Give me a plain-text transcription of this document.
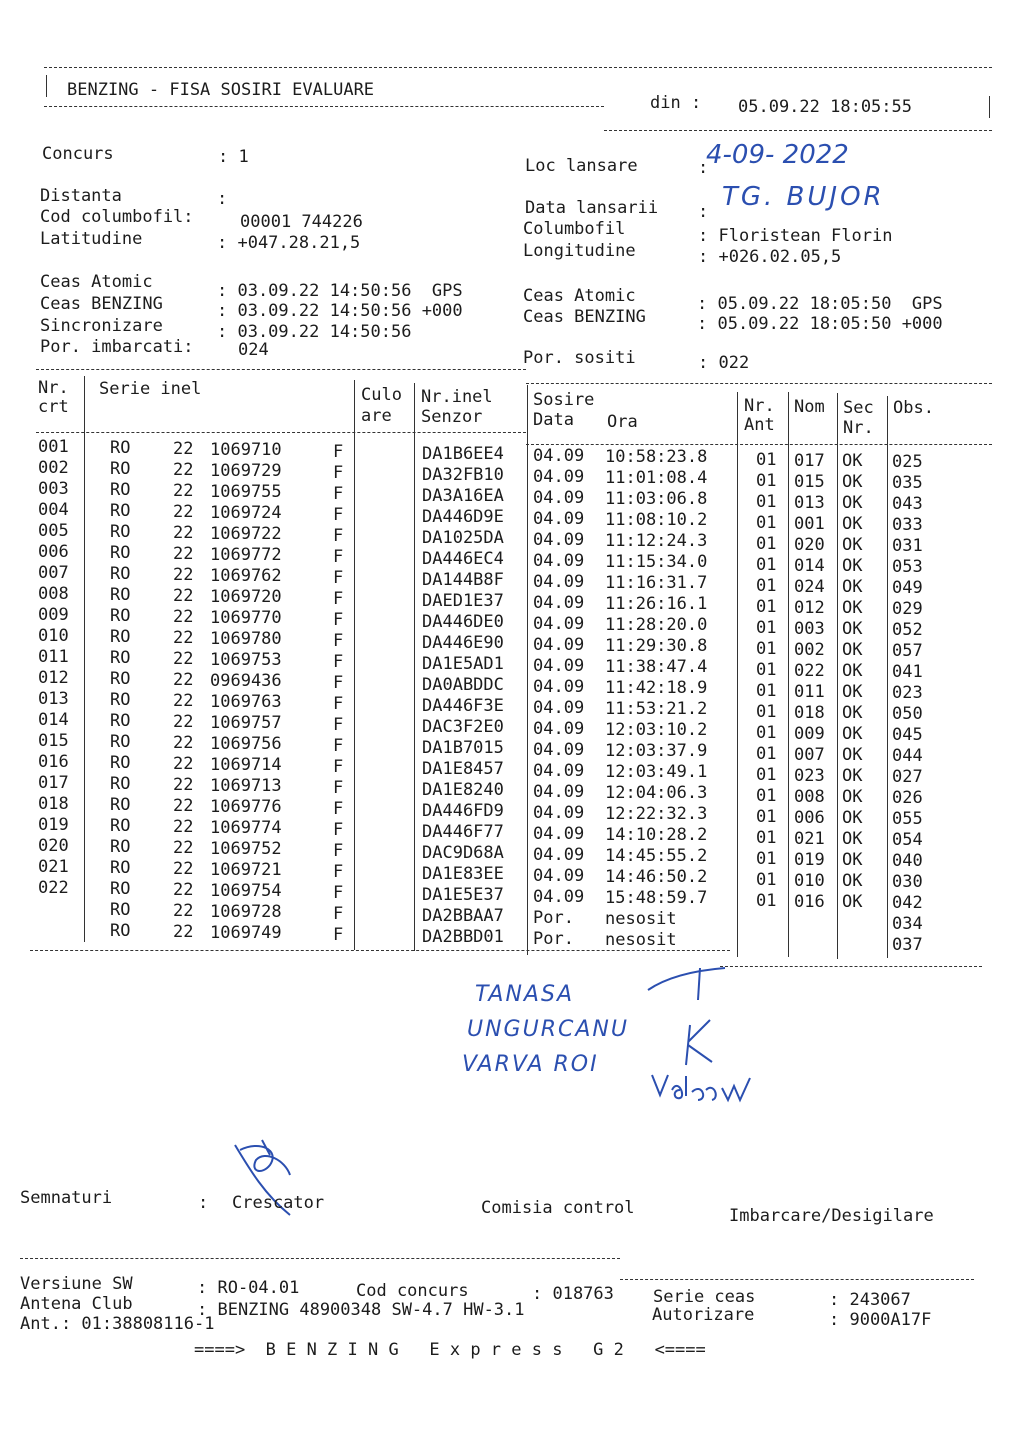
BENZING - FISA SOSIRI EVALUARE
din : 05.09.22 18:05:55
Concurs	: 1
Distanta	:
Cod columbofil:	00001 744226
Latitudine	: +047.28.21,5
Ceas Atomic	: 03.09.22 14:50:56  GPS
Ceas BENZING	: 03.09.22 14:50:56 +000
Sincronizare	: 03.09.22 14:50:56
Por. imbarcati:	024
Loc lansare	:
4-09- 2022
Data lansarii : TG. BUJOR
Columbofil	: Floristean Florin
Longitudine	: +026.02.05,5
Ceas Atomic	: 05.09.22 18:05:50  GPS
Ceas BENZING	: 05.09.22 18:05:50 +000
Por. sositi	: 022
Nr.
crt
Serie inel	Culo
are
Nr.inel
Senzor
Sosire
Data Ora
Nr.
Ant
Nom Sec
Nr.
Obs.
001 RO	22 1069710	F	DA1B6EE4 04.09 10:58:23.8	01 017 OK 025
002 RO	22 1069729	F	DA32FB10 04.09 11:01:08.4	01 015 OK 035
003 RO	22 1069755	F	DA3A16EA 04.09 11:03:06.8	01 013 OK 043
004 RO	22 1069724	F	DA446D9E 04.09 11:08:10.2	01 001 OK 033
005 RO	22 1069722	F	DA1025DA 04.09 11:12:24.3	01 020 OK 031
006 RO	22 1069772	F	DA446EC4 04.09 11:15:34.0	01 014 OK 053
007 RO	22 1069762	F	DA144B8F 04.09 11:16:31.7	01 024 OK 049
008 RO	22 1069720	F	DAED1E37 04.09 11:26:16.1	01 012 OK 029
009 RO	22 1069770	F	DA446DE0 04.09 11:28:20.0	01 003 OK 052
010 RO	22 1069780	F	DA446E90 04.09 11:29:30.8	01 002 OK 057
011 RO	22 1069753	F	DA1E5AD1 04.09 11:38:47.4	01 022 OK 041
012 RO	22 0969436	F	DA0ABDDC 04.09 11:42:18.9	01 011 OK 023
013 RO	22 1069763	F	DA446F3E 04.09 11:53:21.2	01 018 OK 050
014 RO	22 1069757	F	DAC3F2E0 04.09 12:03:10.2	01 009 OK 045
015 RO	22 1069756	F	DA1B7015 04.09 12:03:37.9	01 007 OK 044
016 RO	22 1069714	F	DA1E8457 04.09 12:03:49.1	01 023 OK 027
017 RO	22 1069713	F	DA1E8240 04.09 12:04:06.3	01 008 OK 026
018 RO	22 1069776	F	DA446FD9 04.09 12:22:32.3	01 006 OK 055
019 RO	22 1069774	F	DA446F77 04.09 14:10:28.2	01 021 OK 054
020 RO	22 1069752	F	DAC9D68A 04.09 14:45:55.2	01 019 OK 040
021 RO	22 1069721	F	DA1E83EE 04.09 14:46:50.2	01 010 OK 030
022 RO	22 1069754	F	DA1E5E37 04.09 15:48:59.7	01 016 OK 042
RO	22 1069728	F	DA2BBAA7 Por. nesosit	034
RO	22 1069749	F	DA2BBD01 Por. nesosit	037
TANASA
UNGURCANU
VARVA ROI
Semnaturi	: Crescator	Comisia control	Imbarcare/Desigilare
Versiune SW	: RO-04.01	Cod concurs	: 018763 Serie ceas	: 243067
Antena Club	: BENZING 48900348 SW-4.7 HW-3.1	Autorizare	: 9000A17F
Ant.: 01:38808116-1
====>  B E N Z I N G   E x p r e s s   G 2   <====
